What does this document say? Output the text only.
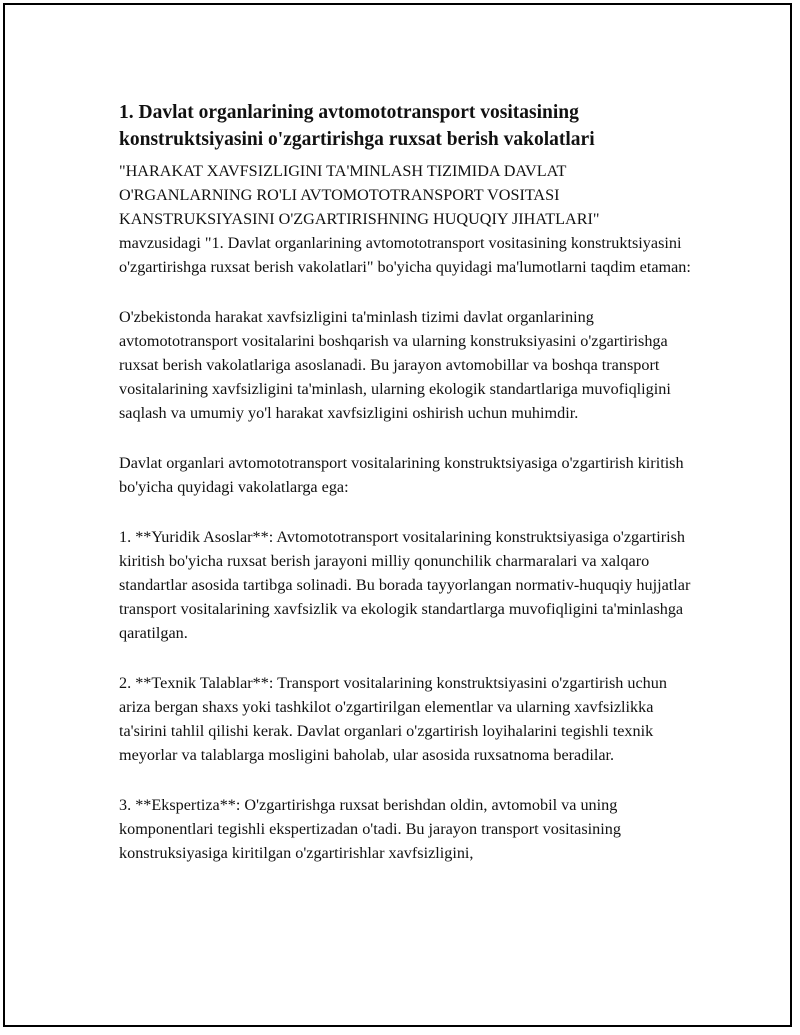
1. Davlat organlarining avtomototransport vositasining konstruktsiyasini o'zgartirishga ruxsat berish vakolatlari

"HARAKAT XAVFSIZLIGINI TA'MINLASH TIZIMIDA DAVLAT
O'RGANLARNING RO'LI AVTOMOTOTRANSPORT VOSITASI
KANSTRUKSIYASINI O'ZGARTIRISHNING HUQUQIY JIHATLARI"
mavzusidagi "1. Davlat organlarining avtomototransport vositasining konstruktsiyasini o'zgartirishga ruxsat berish vakolatlari" bo'yicha quyidagi ma'lumotlarni taqdim etaman:

O'zbekistonda harakat xavfsizligini ta'minlash tizimi davlat organlarining avtomototransport vositalarini boshqarish va ularning konstruksiyasini o'zgartirishga ruxsat berish vakolatlariga asoslanadi. Bu jarayon avtomobillar va boshqa transport vositalarining xavfsizligini ta'minlash, ularning ekologik standartlariga muvofiqligini saqlash va umumiy yo'l harakat xavfsizligini oshirish uchun muhimdir.

Davlat organlari avtomototransport vositalarining konstruktsiyasiga o'zgartirish kiritish bo'yicha quyidagi vakolatlarga ega:

1. **Yuridik Asoslar**: Avtomototransport vositalarining konstruktsiyasiga o'zgartirish kiritish bo'yicha ruxsat berish jarayoni milliy qonunchilik charmaralari va xalqaro standartlar asosida tartibga solinadi. Bu borada tayyorlangan normativ-huquqiy hujjatlar transport vositalarining xavfsizlik va ekologik standartlarga muvofiqligini ta'minlashga qaratilgan.

2. **Texnik Talablar**: Transport vositalarining konstruktsiyasini o'zgartirish uchun ariza bergan shaxs yoki tashkilot o'zgartirilgan elementlar va ularning xavfsizlikka ta'sirini tahlil qilishi kerak. Davlat organlari o'zgartirish loyihalarini tegishli texnik meyorlar va talablarga mosligini baholab, ular asosida ruxsatnoma beradilar.

3. **Ekspertiza**: O'zgartirishga ruxsat berishdan oldin, avtomobil va uning komponentlari tegishli ekspertizadan o'tadi. Bu jarayon transport vositasining konstruksiyasiga kiritilgan o'zgartirishlar xavfsizligini,
